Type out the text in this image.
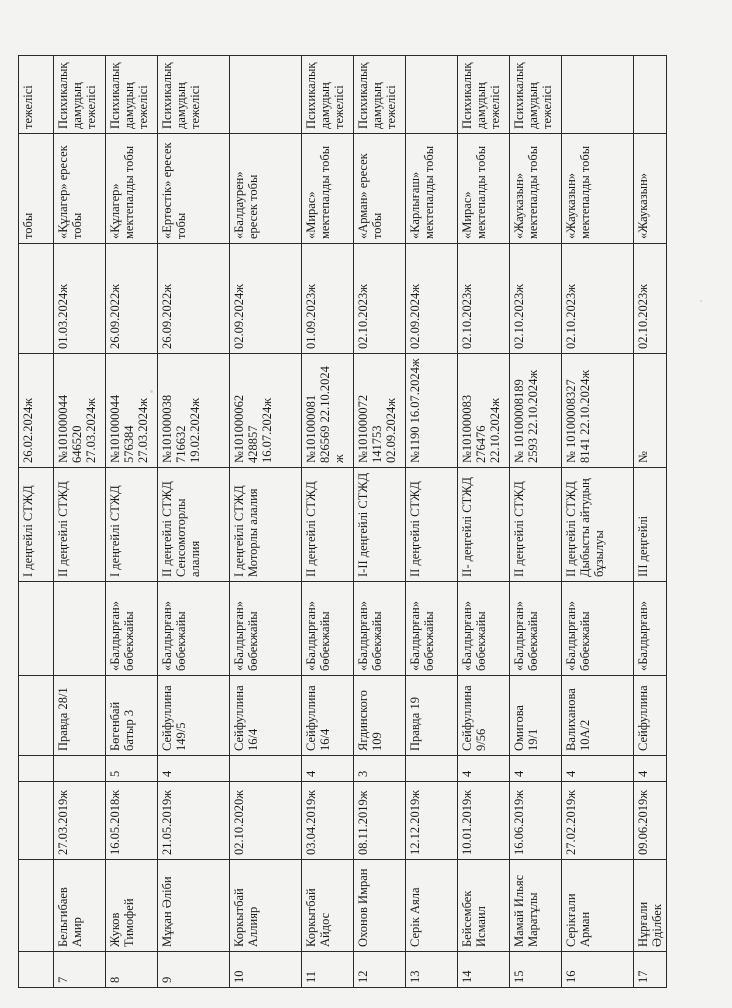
						I деңгейлі СТЖД	26.02.2024ж		тобы	тежелісі
7	Бельгибаев Амир	27.03.2019ж		Правда 28/1		II деңгейлі СТЖД	№101000044 646520 27.03.2024ж	01.03.2024ж	«Құлагер» ересек тобы	Психикалық дамудың тежелісі
8	Жуков Тимофей	16.05.2018ж	5	Бөгенбай батыр 3	«Балдырған» бөбекжайы	I деңгейлі СТЖД	№101000044 576384 27.03.2024ж	26.09.2022ж	«Құлагер» мектепалды тобы	Психикалық дамудың тежелісі
9	Мұқан Әліби	21.05.2019ж	4	Сейфуллина 149/5	«Балдырған» бөбекжайы	II деңгейлі СТЖД Сенсомоторлы алалия	№101000038 716632 19.02.2024ж	26.09.2022ж	«Ертөстік» ересек тобы	Психикалық дамудың тежелісі
10	Коркытбай Аллияр	02.10.2020ж		Сейфуллина 16/4	«Балдырған» бөбекжайы	I деңгейлі СТЖД Моторлы алалия	№101000062 428857 16.07.2024ж	02.09.2024ж	«Балдаурен» ересек тобы	
11	Коркытбай Айдос	03.04.2019ж	4	Сейфуллина 16/4	«Балдырған» бөбекжайы	II деңгейлі СТЖД	№101000081 826569 22.10.2024 ж	01.09.2023ж	«Мирас» мектепалды тобы	Психикалық дамудың тежелісі
12	Охонов Имран	08.11.2019ж	3	Ягдинского 109	«Балдырған» бөбекжайы	I-II деңгейлі СТЖД	№101000072 141753 02.09.2024ж	02.10.2023ж	«Арман» ересек тобы	Психикалық дамудың тежелісі
13	Серік Аяла	12.12.2019ж		Правда 19	«Балдырған» бөбекжайы	II деңгейлі СТЖД	№1190 16.07.2024ж	02.09.2024ж	«Карлығаш» мектепалды тобы	
14	Бейсембек Исмаил	10.01.2019ж	4	Сейфуллина 9/56	«Балдырған» бөбекжайы	II- деңгейлі СТЖД	№101000083 276476 22.10.2024ж	02.10.2023ж	«Мирас» мектепалды тобы	Психикалық дамудың тежелісі
15	Мамай Ильяс Маратұлы	16.06.2019ж	4	Омигова 19/1	«Балдырған» бөбекжайы	II деңгейлі СТЖД	№ 10100008189 2593 22.10.2024ж	02.10.2023ж	«Жауказын» мектепалды тобы	Психикалық дамудың тежелісі
16	Серікғали Арман	27.02.2019ж	4	Валиханова 10А/2	«Балдырған» бөбекжайы	II деңгейлі СТЖД Дыбысты айтудың бұзылуы	№ 10100008327 8141 22.10.2024ж	02.10.2023ж	«Жауказын» мектепалды тобы	
17	Нұрғали Әділбек	09.06.2019ж	4	Сейфуллина	«Балдырған»	III деңгейлі	№	02.10.2023ж	«Жауказын»	
